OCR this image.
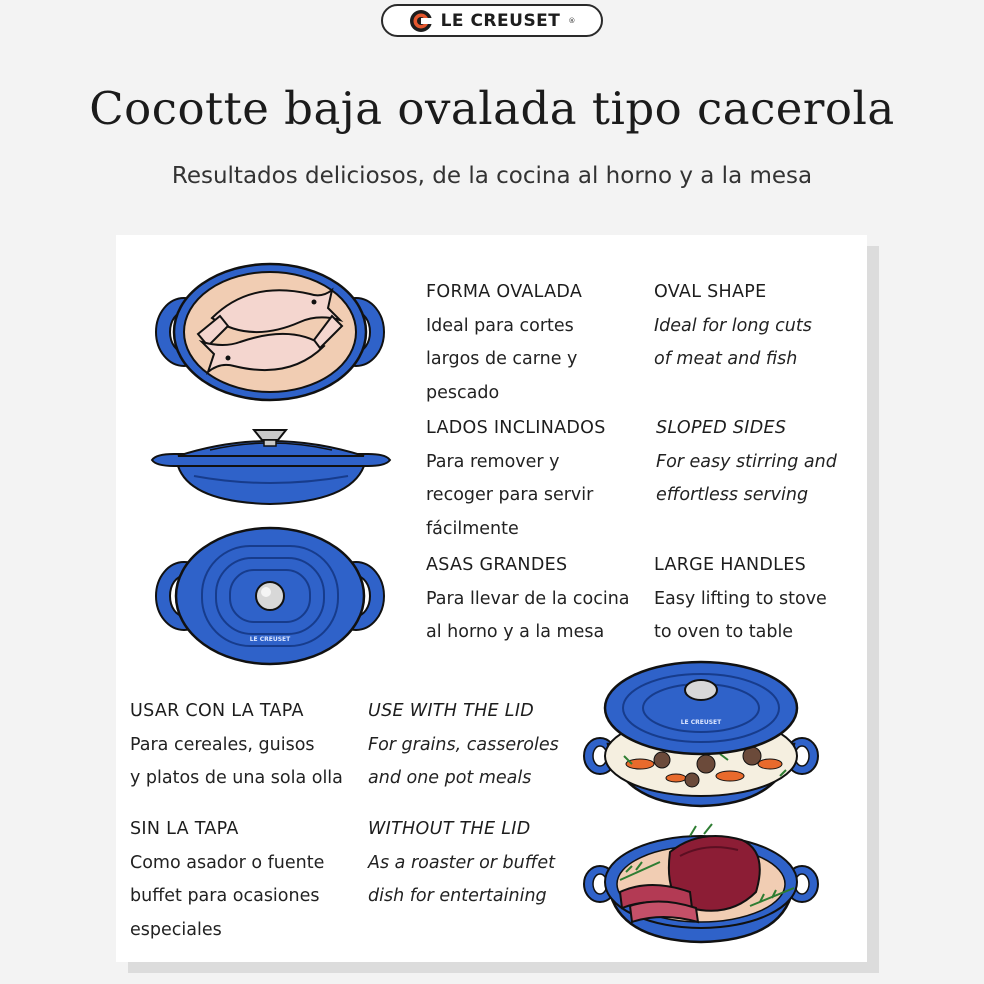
LE CREUSET ®
Cocotte baja ovalada tipo cacerola
Resultados deliciosos, de la cocina al horno y a la mesa
LE CREUSET
LE CREUSET
FORMA OVALADA
Ideal para cortes
largos de carne y
pescado
OVAL SHAPE
Ideal for long cuts
of meat and fish
LADOS INCLINADOS
Para remover y
recoger para servir
fácilmente
SLOPED SIDES
For easy stirring and
effortless serving
ASAS GRANDES
Para llevar de la cocina
al horno y a la mesa
LARGE HANDLES
Easy lifting to stove
to oven to table
USAR CON LA TAPA
Para cereales, guisos
y platos de una sola olla
USE WITH THE LID
For grains, casseroles
and one pot meals
SIN LA TAPA
Como asador o fuente
buffet para ocasiones
especiales
WITHOUT THE LID
As a roaster or buffet
dish for entertaining
